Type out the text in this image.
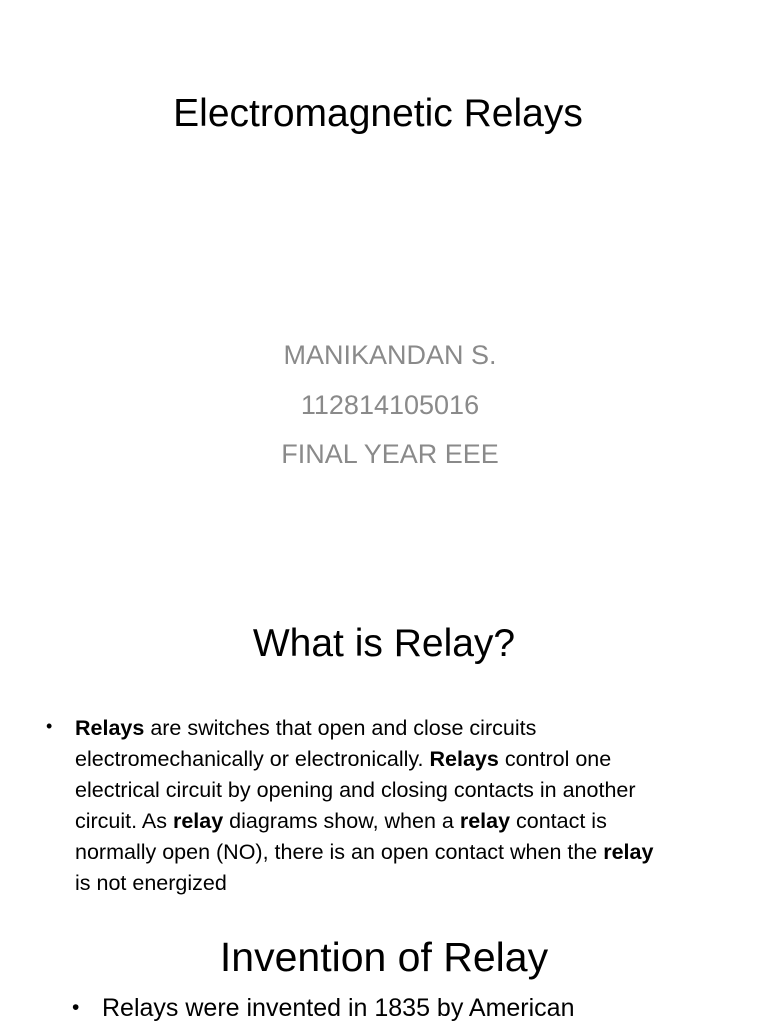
Electromagnetic Relays

MANIKANDAN S.

112814105016

FINAL YEAR EEE

What is Relay?
• Relays are switches that open and close circuits
electromechanically or electronically. Relays control one
electrical circuit by opening and closing contacts in another
circuit. As relay diagrams show, when a relay contact is
normally open (NO), there is an open contact when the relay
is not energized
Invention of Relay
• Relays were invented in 1835 by American
